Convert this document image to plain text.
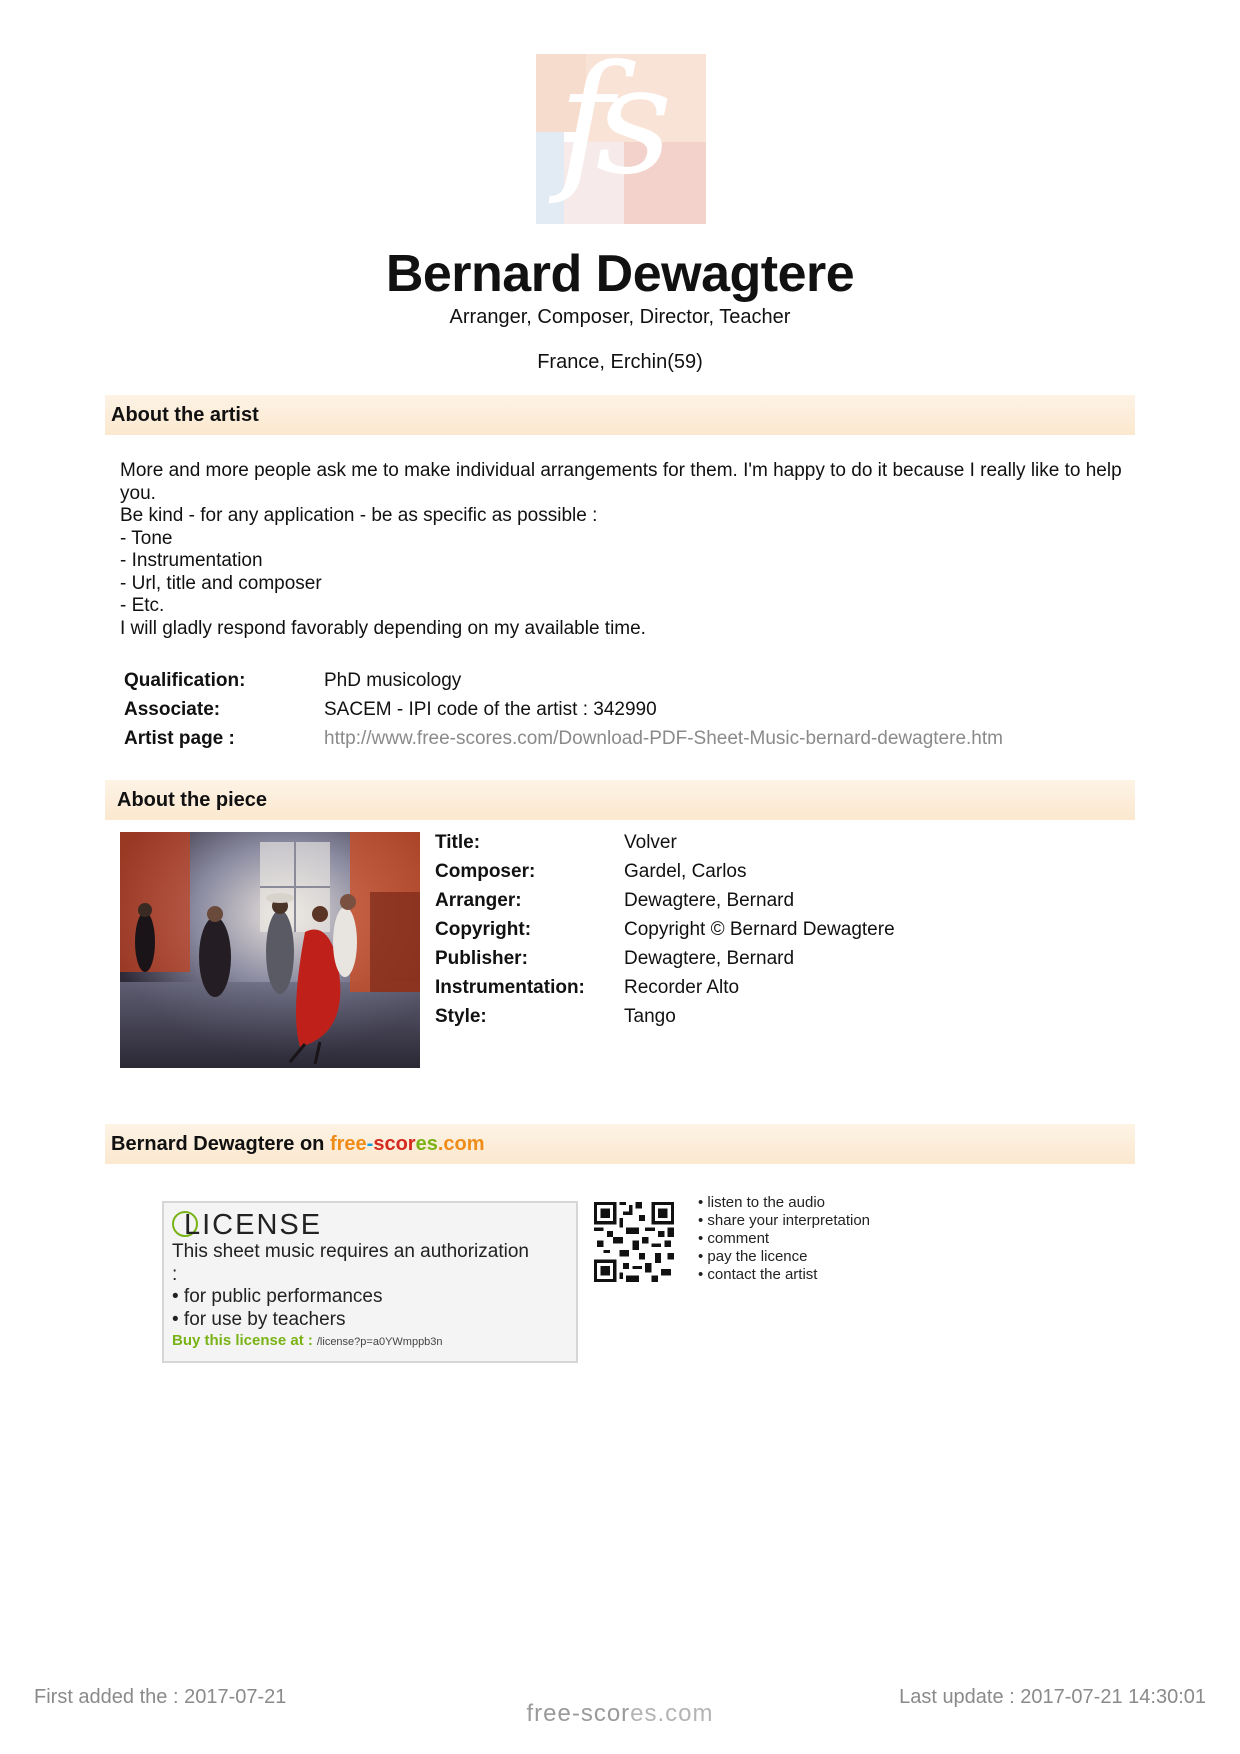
fs
Bernard Dewagtere
Arranger, Composer, Director, Teacher
France, Erchin(59)
About the artist
More and more people ask me to make individual arrangements for them. I'm happy to do it because I really like to help you.
Be kind - for any application - be as specific as possible :
- Tone
- Instrumentation
- Url, title and composer
- Etc.
I will gladly respond favorably depending on my available time.
Qualification:	PhD musicology
Associate:	SACEM - IPI code of the artist : 342990
Artist page :	http://www.free-scores.com/Download-PDF-Sheet-Music-bernard-dewagtere.htm
About the piece
Title:	Volver
Composer:	Gardel, Carlos
Arranger:	Dewagtere, Bernard
Copyright:	Copyright © Bernard Dewagtere
Publisher:	Dewagtere, Bernard
Instrumentation:	Recorder Alto
Style:	Tango
Bernard Dewagtere on free-scores.com
LICENSE
This sheet music requires an authorization
:
• for public performances
• for use by teachers
Buy this license at : /license?p=a0YWmppb3n
• listen to the audio
• share your interpretation
• comment
• pay the licence
• contact the artist
First added the : 2017-07-21
free-scores.com
Last update : 2017-07-21 14:30:01
